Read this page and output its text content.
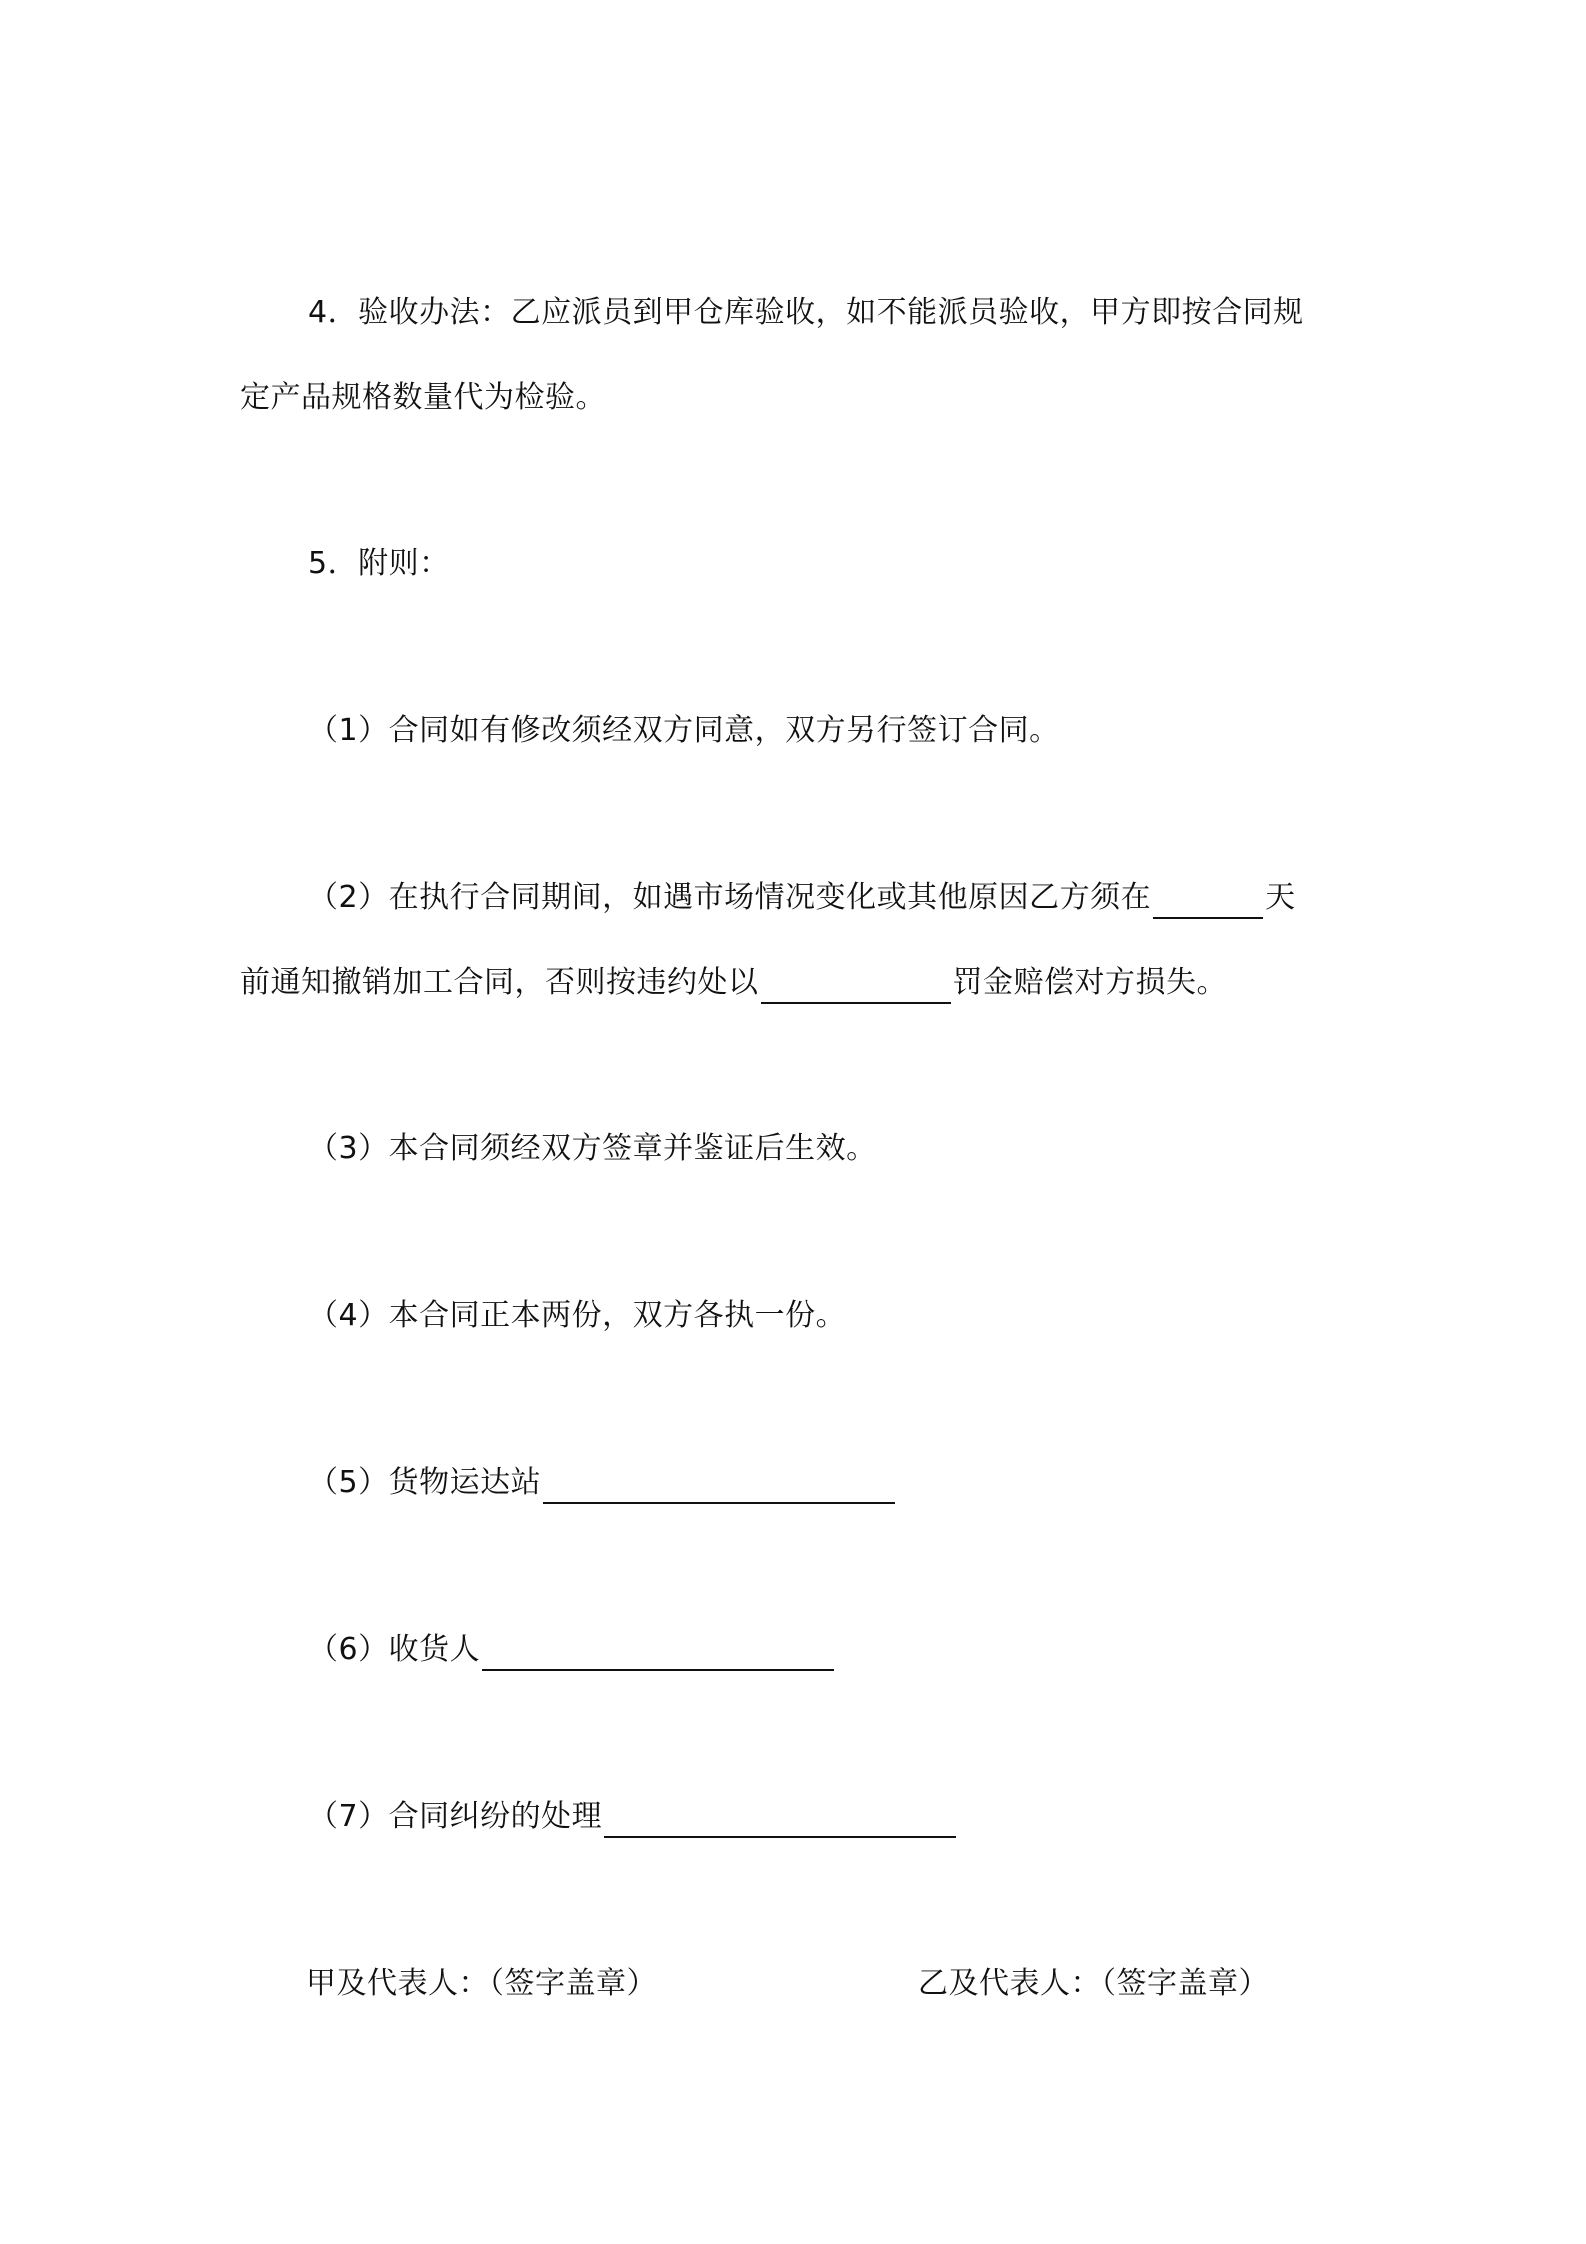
4．验收办法：乙应派员到甲仓库验收，如不能派员验收，甲方即按合同规
定产品规格数量代为检验。
5．附则：
（1）合同如有修改须经双方同意，双方另行签订合同。
（2）在执行合同期间，如遇市场情况变化或其他原因乙方须在	天
前通知撤销加工合同，否则按违约处以	罚金赔偿对方损失。
（3）本合同须经双方签章并鉴证后生效。
（4）本合同正本两份，双方各执一份。
（5）货物运达站
（6）收货人
（7）合同纠纷的处理
甲及代表人：（签字盖章）	乙及代表人：（签字盖章）
